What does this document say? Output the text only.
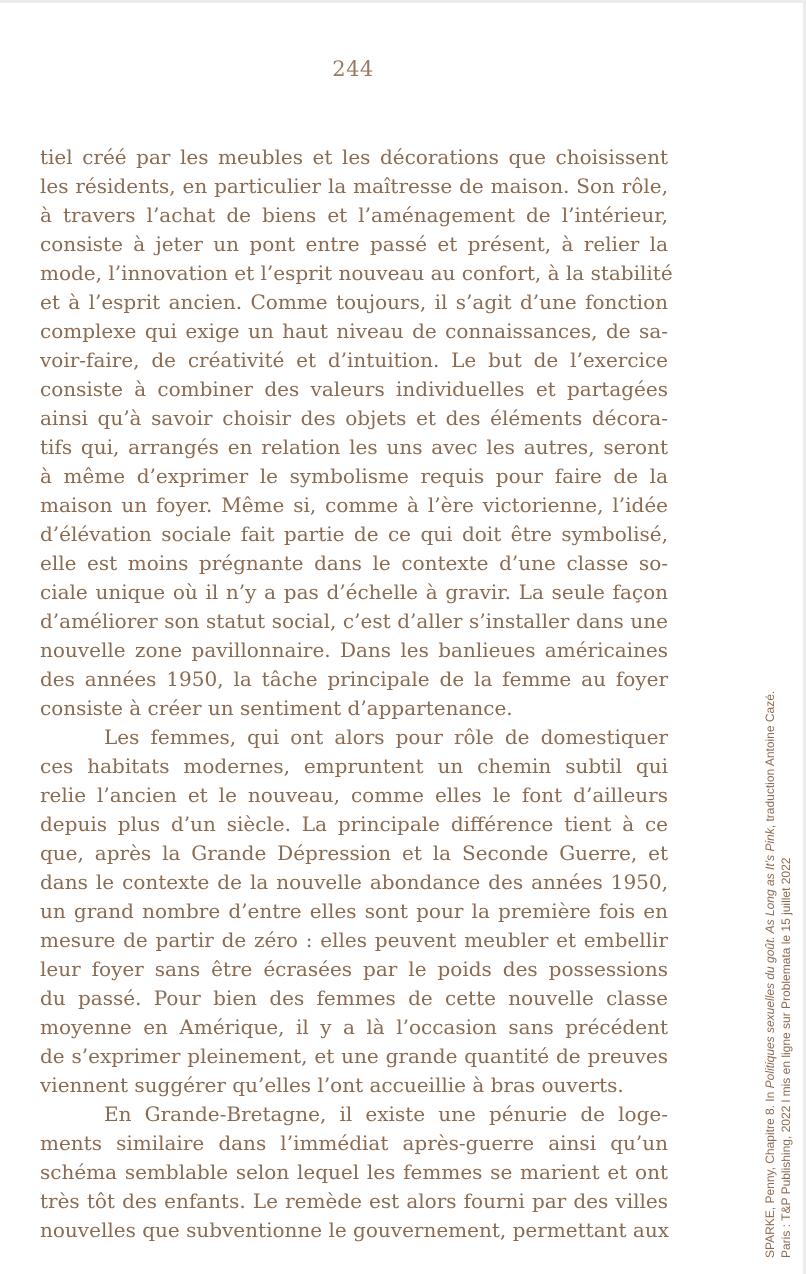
244
tiel créé par les meubles et les décorations que choisissent
les résidents, en particulier la maîtresse de maison. Son rôle,
à travers l’achat de biens et l’aménagement de l’intérieur,
consiste à jeter un pont entre passé et présent, à relier la
mode, l’innovation et l’esprit nouveau au confort, à la stabilité
et à l’esprit ancien. Comme toujours, il s’agit d’une fonction
complexe qui exige un haut niveau de connaissances, de sa-
voir-faire, de créativité et d’intuition. Le but de l’exercice
consiste à combiner des valeurs individuelles et partagées
ainsi qu’à savoir choisir des objets et des éléments décora-
tifs qui, arrangés en relation les uns avec les autres, seront
à même d’exprimer le symbolisme requis pour faire de la
maison un foyer. Même si, comme à l’ère victorienne, l’idée
d’élévation sociale fait partie de ce qui doit être symbolisé,
elle est moins prégnante dans le contexte d’une classe so-
ciale unique où il n’y a pas d’échelle à gravir. La seule façon
d’améliorer son statut social, c’est d’aller s’installer dans une
nouvelle zone pavillonnaire. Dans les banlieues américaines
des années 1950, la tâche principale de la femme au foyer
consiste à créer un sentiment d’appartenance.
Les femmes, qui ont alors pour rôle de domestiquer
ces habitats modernes, empruntent un chemin subtil qui
relie l’ancien et le nouveau, comme elles le font d’ailleurs
depuis plus d’un siècle. La principale différence tient à ce
que, après la Grande Dépression et la Seconde Guerre, et
dans le contexte de la nouvelle abondance des années 1950,
un grand nombre d’entre elles sont pour la première fois en
mesure de partir de zéro : elles peuvent meubler et embellir
leur foyer sans être écrasées par le poids des possessions
du passé. Pour bien des femmes de cette nouvelle classe
moyenne en Amérique, il y a là l’occasion sans précédent
de s’exprimer pleinement, et une grande quantité de preuves
viennent suggérer qu’elles l’ont accueillie à bras ouverts.
En Grande-Bretagne, il existe une pénurie de loge-
ments similaire dans l’immédiat après-guerre ainsi qu’un
schéma semblable selon lequel les femmes se marient et ont
très tôt des enfants. Le remède est alors fourni par des villes
nouvelles que subventionne le gouvernement, permettant aux	SPARKE, Penny, Chapitre 8. In Politiques sexuelles du goût. As Long as It’s Pink, traduction Antoine Cazé.
Paris : T&P Publishing, 2022 l mis en ligne sur Problemata le 15 juillet 2022
